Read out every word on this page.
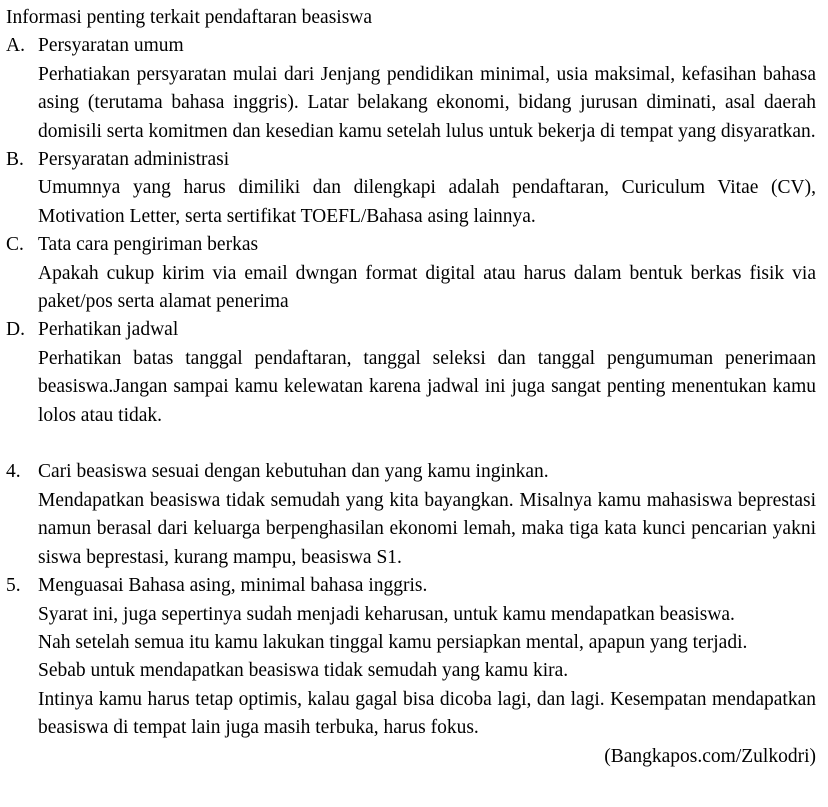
Informasi penting terkait pendaftaran beasiswa
A. Persyaratan umum
Perhatiakan persyaratan mulai dari Jenjang pendidikan minimal, usia maksimal, kefasihan bahasa asing (terutama bahasa inggris). Latar belakang ekonomi, bidang jurusan diminati, asal daerah domisili serta komitmen dan kesedian kamu setelah lulus untuk bekerja di tempat yang disyaratkan.
B. Persyaratan administrasi
Umumnya yang harus dimiliki dan dilengkapi adalah pendaftaran, Curiculum Vitae (CV), Motivation Letter, serta sertifikat TOEFL/Bahasa asing lainnya.
C. Tata cara pengiriman berkas
Apakah cukup kirim via email dwngan format digital atau harus dalam bentuk berkas fisik via paket/pos serta alamat penerima
D. Perhatikan jadwal
Perhatikan batas tanggal pendaftaran, tanggal seleksi dan tanggal pengumuman penerimaan beasiswa.Jangan sampai kamu kelewatan karena jadwal ini juga sangat penting menentukan kamu lolos atau tidak.
4. Cari beasiswa sesuai dengan kebutuhan dan yang kamu inginkan.
Mendapatkan beasiswa tidak semudah yang kita bayangkan. Misalnya kamu mahasiswa beprestasi namun berasal dari keluarga berpenghasilan ekonomi lemah, maka tiga kata kunci pencarian yakni siswa beprestasi, kurang mampu, beasiswa S1.
5. Menguasai Bahasa asing, minimal bahasa inggris.
Syarat ini, juga sepertinya sudah menjadi keharusan, untuk kamu mendapatkan beasiswa.
Nah setelah semua itu kamu lakukan tinggal kamu persiapkan mental, apapun yang terjadi.
Sebab untuk mendapatkan beasiswa tidak semudah yang kamu kira.
Intinya kamu harus tetap optimis, kalau gagal bisa dicoba lagi, dan lagi. Kesempatan mendapatkan beasiswa di tempat lain juga masih terbuka, harus fokus.
(Bangkapos.com/Zulkodri)
